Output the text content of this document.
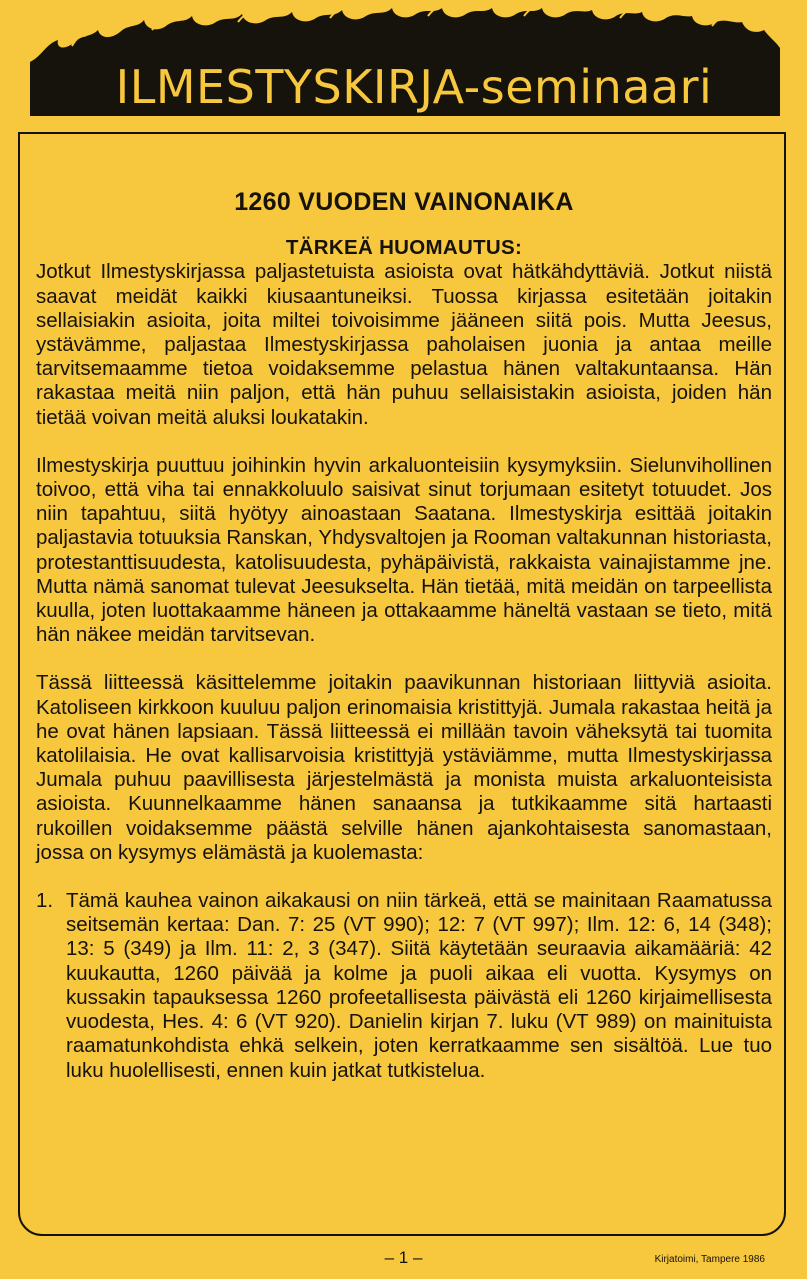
ILMESTYSKIRJA-seminaari
1260 VUODEN VAINONAIKA
TÄRKEÄ HUOMAUTUS:

Jotkut Ilmestyskirjassa paljastetuista asioista ovat hätkähdyttäviä. Jotkut niistä saavat meidät kaikki kiusaantuneiksi. Tuossa kirjassa esitetään joitakin sellaisiakin asioita, joita miltei toivoisimme jääneen siitä pois. Mutta Jeesus, ystävämme, paljastaa Ilmestyskirjassa paholaisen juonia ja antaa meille tarvitsemaamme tietoa voidaksemme pelastua hänen valtakuntaansa. Hän rakastaa meitä niin paljon, että hän puhuu sellaisistakin asioista, joiden hän tietää voivan meitä aluksi loukatakin.

Ilmestyskirja puuttuu joihinkin hyvin arkaluonteisiin kysymyksiin. Sielunvihollinen toivoo, että viha tai ennakkoluulo saisivat sinut torjumaan esitetyt totuudet. Jos niin tapahtuu, siitä hyötyy ainoastaan Saatana. Ilmestyskirja esittää joitakin paljastavia totuuksia Ranskan, Yhdysvaltojen ja Rooman valtakunnan historiasta, protestanttisuudesta, katolisuudesta, pyhäpäivistä, rakkaista vainajistamme jne. Mutta nämä sanomat tulevat Jeesukselta. Hän tietää, mitä meidän on tarpeellista kuulla, joten luottakaamme häneen ja ottakaamme häneltä vastaan se tieto, mitä hän näkee meidän tarvitsevan.

Tässä liitteessä käsittelemme joitakin paavikunnan historiaan liittyviä asioita. Katoliseen kirkkoon kuuluu paljon erinomaisia kristittyjä. Jumala rakastaa heitä ja he ovat hänen lapsiaan. Tässä liitteessä ei millään tavoin väheksytä tai tuomita katolilaisia. He ovat kallisarvoisia kristittyjä ystäviämme, mutta Ilmestyskirjassa Jumala puhuu paavillisesta järjestelmästä ja monista muista arkaluonteisista asioista. Kuunnelkaamme hänen sanaansa ja tutkikaamme sitä hartaasti rukoillen voidaksemme päästä selville hänen ajankohtaisesta sanomastaan, jossa on kysymys elämästä ja kuolemasta:

1. Tämä kauhea vainon aikakausi on niin tärkeä, että se mainitaan Raamatussa seitsemän kertaa: Dan. 7: 25 (VT 990); 12: 7 (VT 997); Ilm. 12: 6, 14 (348); 13: 5 (349) ja Ilm. 11: 2, 3 (347). Siitä käytetään seuraavia aikamääriä: 42 kuukautta, 1260 päivää ja kolme ja puoli aikaa eli vuotta. Kysymys on kussakin tapauksessa 1260 profeetallisesta päivästä eli 1260 kirjaimellisesta vuodesta, Hes. 4: 6 (VT 920). Danielin kirjan 7. luku (VT 989) on mainituista raamatunkohdista ehkä selkein, joten kerratkaamme sen sisältöä. Lue tuo luku huolellisesti, ennen kuin jatkat tutkistelua.
– 1 –	Kirjatoimi, Tampere 1986
